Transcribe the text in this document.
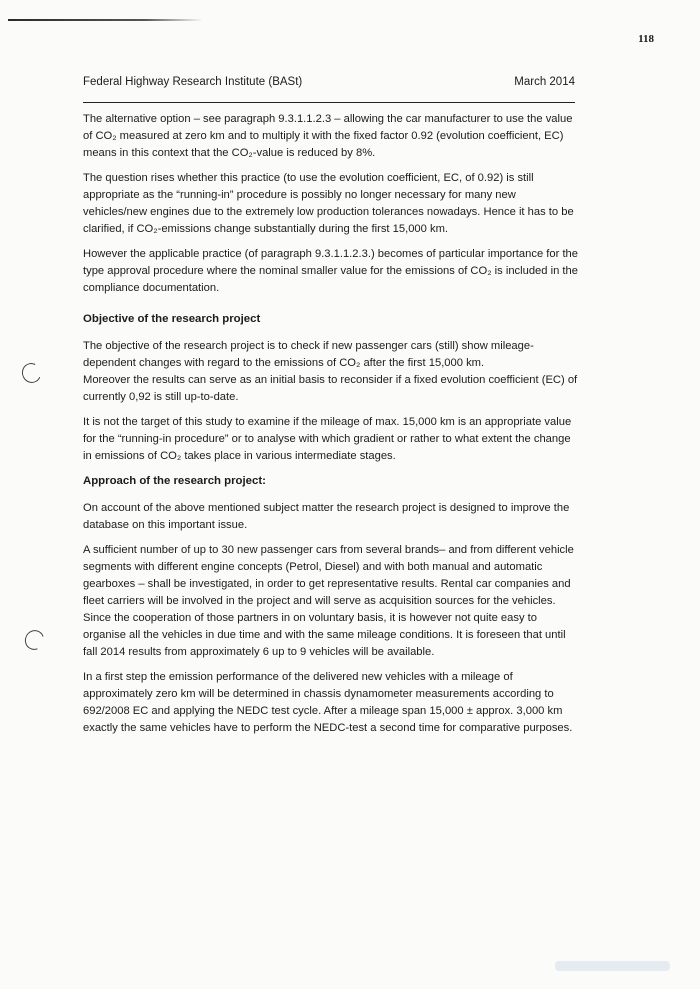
118
Federal Highway Research Institute (BASt)	March 2014

The alternative option – see paragraph 9.3.1.1.2.3 – allowing the car manufacturer to use the value of CO₂ measured at zero km and to multiply it with the fixed factor 0.92 (evolution coefficient, EC) means in this context that the CO₂-value is reduced by 8%.

The question rises whether this practice (to use the evolution coefficient, EC, of 0.92) is still appropriate as the “running-in” procedure is possibly no longer necessary for many new vehicles/new engines due to the extremely low production tolerances nowadays. Hence it has to be clarified, if CO₂-emissions change substantially during the first 15,000 km.

However the applicable practice (of paragraph 9.3.1.1.2.3.) becomes of particular importance for the type approval procedure where the nominal smaller value for the emissions of CO₂ is included in the compliance documentation.

Objective of the research project

The objective of the research project is to check if new passenger cars (still) show mileage-dependent changes with regard to the emissions of CO₂ after the first 15,000 km.

Moreover the results can serve as an initial basis to reconsider if a fixed evolution coefficient (EC) of currently 0,92 is still up-to-date.

It is not the target of this study to examine if the mileage of max. 15,000 km is an appropriate value for the “running-in procedure” or to analyse with which gradient or rather to what extent the change in emissions of CO₂ takes place in various intermediate stages.

Approach of the research project:

On account of the above mentioned subject matter the research project is designed to improve the database on this important issue.

A sufficient number of up to 30 new passenger cars from several brands– and from different vehicle segments with different engine concepts (Petrol, Diesel) and with both manual and automatic gearboxes – shall be investigated, in order to get representative results. Rental car companies and fleet carriers will be involved in the project and will serve as acquisition sources for the vehicles. Since the cooperation of those partners in on voluntary basis, it is however not quite easy to organise all the vehicles in due time and with the same mileage conditions. It is foreseen that until fall 2014 results from approximately 6 up to 9 vehicles will be available.

In a first step the emission performance of the delivered new vehicles with a mileage of approximately zero km will be determined in chassis dynamometer measurements according to 692/2008 EC and applying the NEDC test cycle. After a mileage span 15,000 ± approx. 3,000 km exactly the same vehicles have to perform the NEDC-test a second time for comparative purposes.
